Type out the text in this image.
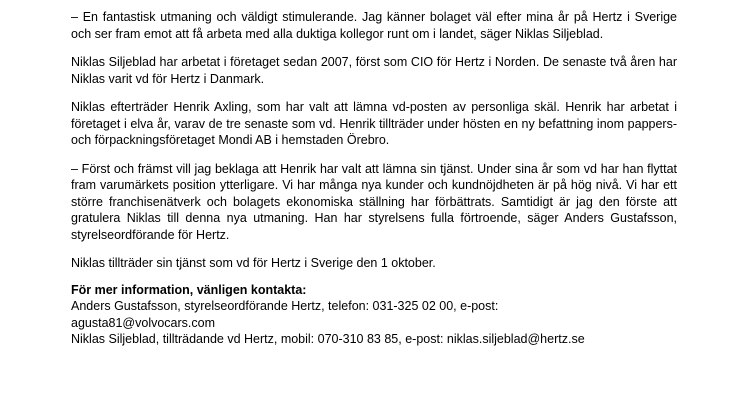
– En fantastisk utmaning och väldigt stimulerande. Jag känner bolaget väl efter mina år på Hertz i Sverige och ser fram emot att få arbeta med alla duktiga kollegor runt om i landet, säger Niklas Siljeblad.

Niklas Siljeblad har arbetat i företaget sedan 2007, först som CIO för Hertz i Norden. De senaste två åren har Niklas varit vd för Hertz i Danmark.

Niklas efterträder Henrik Axling, som har valt att lämna vd-posten av personliga skäl. Henrik har arbetat i företaget i elva år, varav de tre senaste som vd. Henrik tillträder under hösten en ny befattning inom pappers- och förpackningsföretaget Mondi AB i hemstaden Örebro.

– Först och främst vill jag beklaga att Henrik har valt att lämna sin tjänst. Under sina år som vd har han flyttat fram varumärkets position ytterligare. Vi har många nya kunder och kundnöjdheten är på hög nivå. Vi har ett större franchisenätverk och bolagets ekonomiska ställning har förbättrats. Samtidigt är jag den förste att gratulera Niklas till denna nya utmaning. Han har styrelsens fulla förtroende, säger Anders Gustafsson, styrelseordförande för Hertz.

Niklas tillträder sin tjänst som vd för Hertz i Sverige den 1 oktober.

För mer information, vänligen kontakta:

Anders Gustafsson, styrelseordförande Hertz, telefon: 031-325 02 00, e-post:

agusta81@volvocars.com

Niklas Siljeblad, tillträdande vd Hertz, mobil: 070-310 83 85, e-post: niklas.siljeblad@hertz.se
